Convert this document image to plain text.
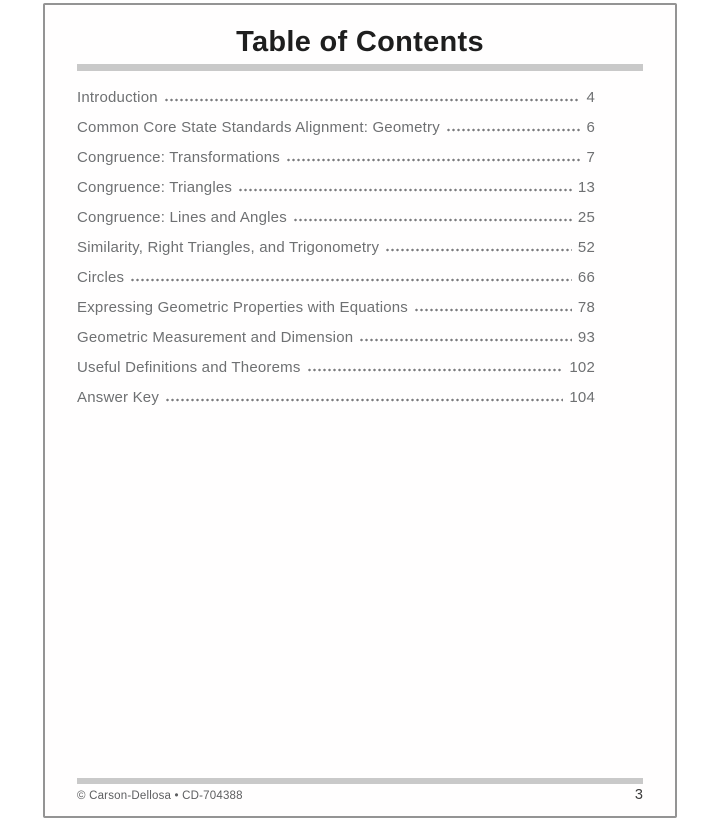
Table of Contents
Introduction	4
Common Core State Standards Alignment: Geometry	6
Congruence: Transformations	7
Congruence: Triangles	13
Congruence: Lines and Angles	25
Similarity, Right Triangles, and Trigonometry	52
Circles	66
Expressing Geometric Properties with Equations	78
Geometric Measurement and Dimension	93
Useful Definitions and Theorems	102
Answer Key	104
© Carson-Dellosa • CD-704388	3
